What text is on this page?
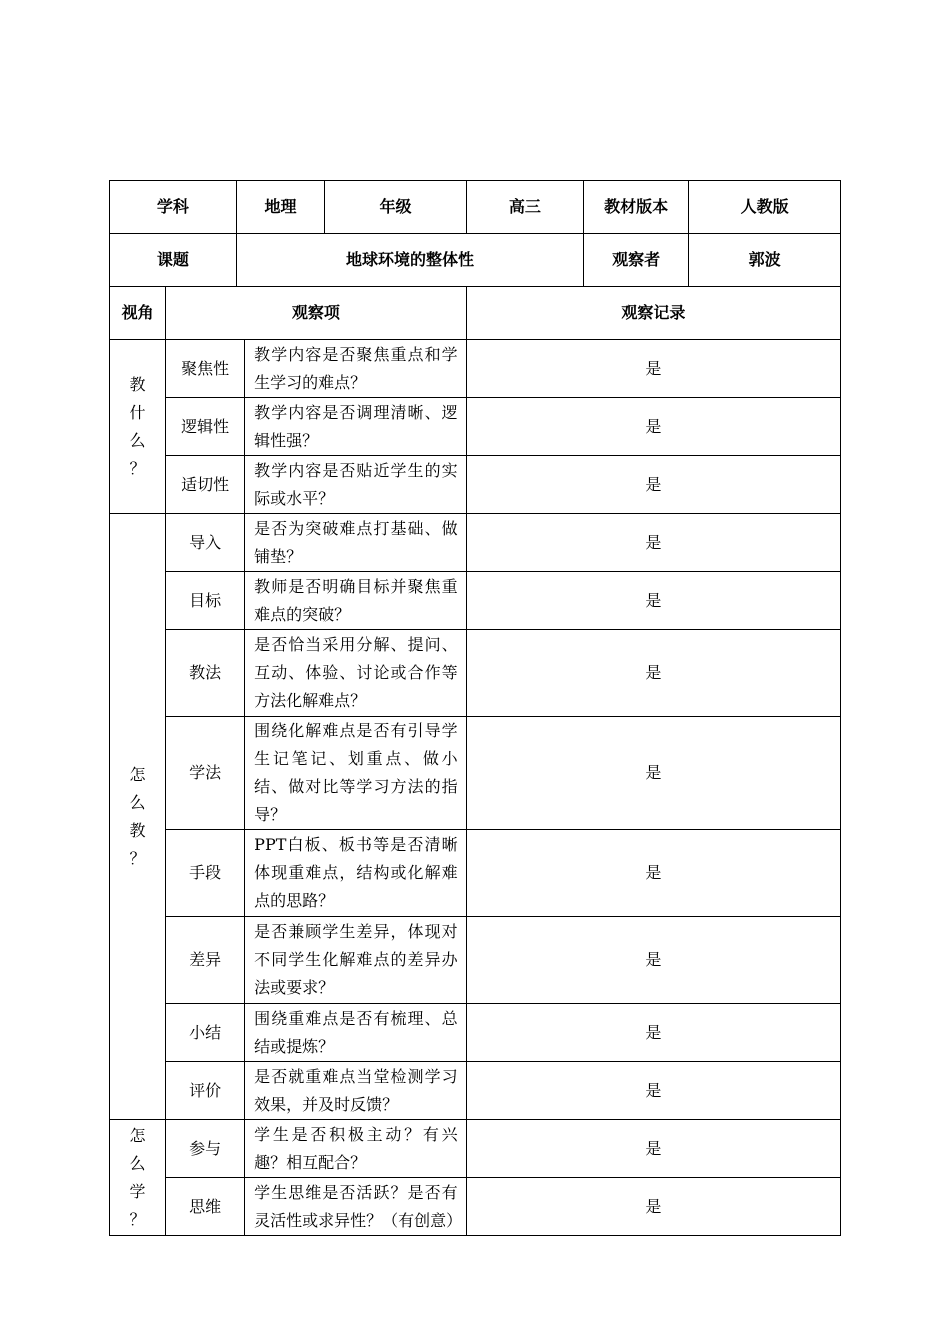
学科		地理		年级	高三	教材版本	人教版
课题		地球环境的整体性				观察者	郭波
视角	观察项				观察记录		

教
什
么
？	聚焦性		教学内容是否聚焦重点和学生学习的难点？		是		
	逻辑性		教学内容是否调理清晰、逻辑性强？		是		
	适切性		教学内容是否贴近学生的实际或水平？		是		

怎
么
教
？	导入		是否为突破难点打基础、做铺垫？		是		
	目标		教师是否明确目标并聚焦重难点的突破？		是		
	教法		是否恰当采用分解、提问、互动、体验、讨论或合作等方法化解难点？		是		
	学法		围绕化解难点是否有引导学生记笔记、划重点、做小结、做对比等学习方法的指导？		是		
	手段		PPT白板、板书等是否清晰体现重难点，结构或化解难点的思路？		是		
	差异		是否兼顾学生差异，体现对不同学生化解难点的差异办法或要求？		是		
	小结		围绕重难点是否有梳理、总结或提炼？		是		
	评价		是否就重难点当堂检测学习效果，并及时反馈？		是		

怎
么
学
？	参与		学生是否积极主动？有兴趣？相互配合？		是		
	思维		学生思维是否活跃？是否有灵活性或求异性？（有创意）		是		
